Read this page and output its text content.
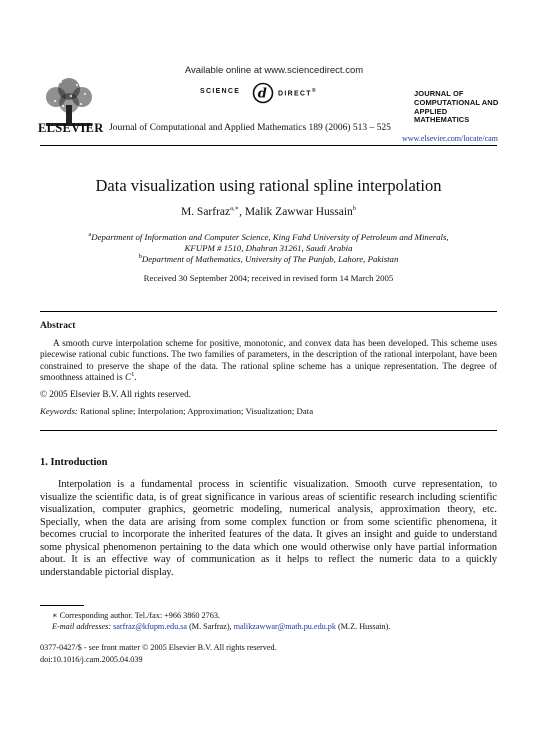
ELSEVIER
Available online at www.sciencedirect.com
SCIENCE d DIRECT®
Journal of Computational and Applied Mathematics 189 (2006) 513 – 525
JOURNAL OF
COMPUTATIONAL AND
APPLIED MATHEMATICS
www.elsevier.com/locate/cam
Data visualization using rational spline interpolation
M. Sarfraz$^{a,∗}$, Malik Zawwar Hussain$^b$
$^a$Department of Information and Computer Science, King Fahd University of Petroleum and Minerals,
KFUPM # 1510, Dhahran 31261, Saudi Arabia
$^b$Department of Mathematics, University of The Punjab, Lahore, Pakistan
Received 30 September 2004; received in revised form 14 March 2005
Abstract
A smooth curve interpolation scheme for positive, monotonic, and convex data has been developed. This scheme uses piecewise rational cubic functions. The two families of parameters, in the description of the rational interpolant, have been constrained to preserve the shape of the data. The rational spline scheme has a unique representation. The degree of smoothness attained is $C^1$.
© 2005 Elsevier B.V. All rights reserved.
Keywords: Rational spline; Interpolation; Approximation; Visualization; Data
1. Introduction
Interpolation is a fundamental process in scientific visualization. Smooth curve representation, to visualize the scientific data, is of great significance in various areas of scientific research including scientific visualization, computer graphics, geometric modeling, numerical analysis, approximation theory, etc. Specially, when the data are arising from some complex function or from some scientific phenomena, it becomes crucial to incorporate the inherited features of the data. It gives an insight and guide to understand some physical phenomenon pertaining to the data which one would otherwise only have partial information about. It is an effective way of communication as it helps to reflect the numeric data to a quickly understandable pictorial display.
∗ Corresponding author. Tel./fax: +966 3860 2763.
E-mail addresses: sarfraz@kfupm.edu.sa (M. Sarfraz), malikzawwar@math.pu.edu.pk (M.Z. Hussain).
0377-0427/$ - see front matter © 2005 Elsevier B.V. All rights reserved.
doi:10.1016/j.cam.2005.04.039
